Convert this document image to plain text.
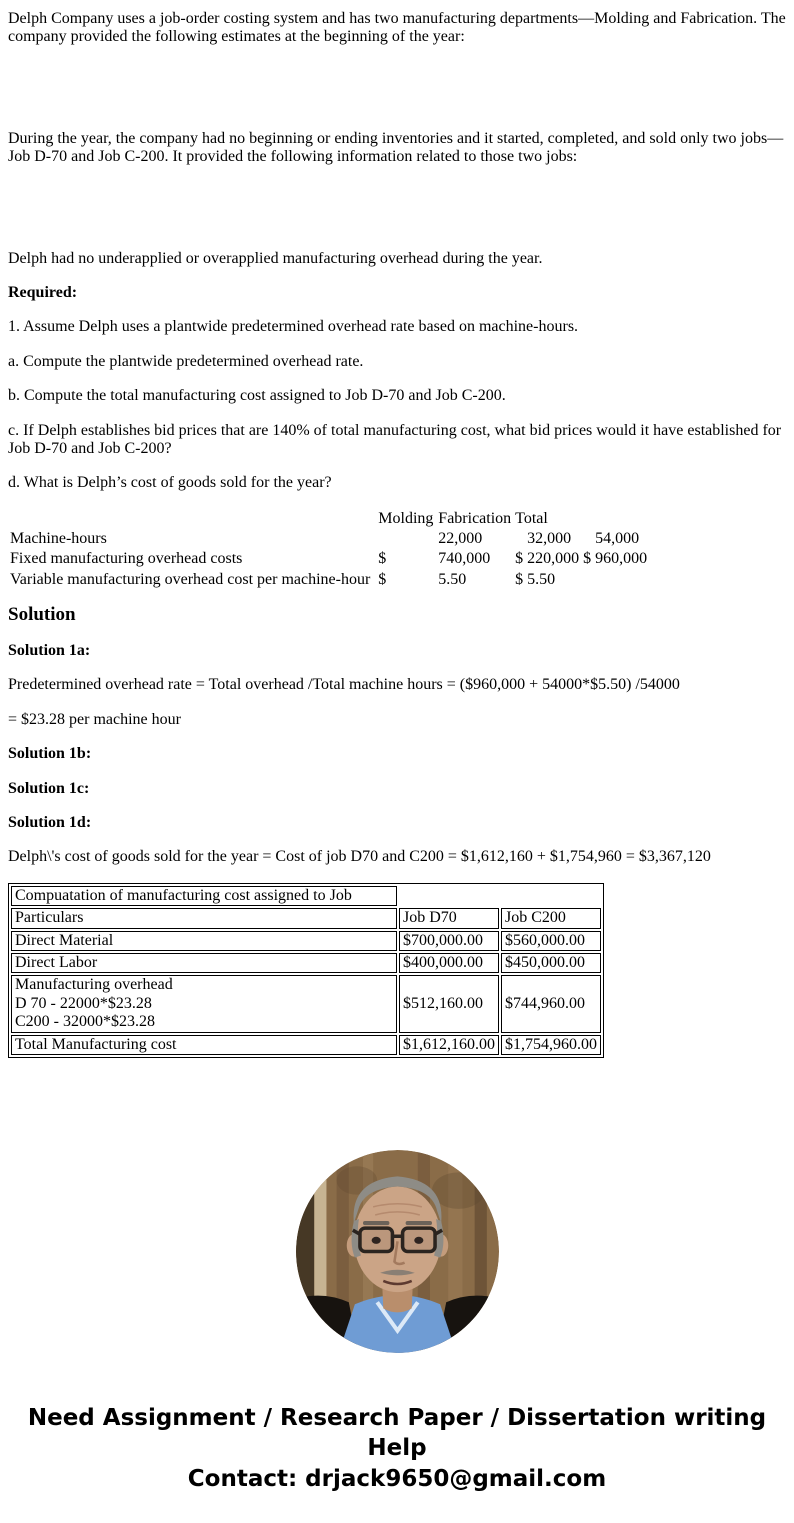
Delph Company uses a job-order costing system and has two manufacturing departments—Molding and Fabrication. The company provided the following estimates at the beginning of the year:

During the year, the company had no beginning or ending inventories and it started, completed, and sold only two jobs—Job D-70 and Job C-200. It provided the following information related to those two jobs:

Delph had no underapplied or overapplied manufacturing overhead during the year.

Required:

1. Assume Delph uses a plantwide predetermined overhead rate based on machine-hours.

a. Compute the plantwide predetermined overhead rate.

b. Compute the total manufacturing cost assigned to Job D-70 and Job C-200.

c. If Delph establishes bid prices that are 140% of total manufacturing cost, what bid prices would it have established for Job D-70 and Job C-200?

d. What is Delph’s cost of goods sold for the year?

	Molding	Fabrication	Total			
Machine-hours		22,000		32,000		54,000
Fixed manufacturing overhead costs	$	740,000	$	220,000	$	960,000
Variable manufacturing overhead cost per machine-hour	$	5.50	$	5.50		
Solution

Solution 1a:

Predetermined overhead rate = Total overhead /Total machine hours = ($960,000 + 54000*$5.50) /54000

= $23.28 per machine hour

Solution 1b:

Solution 1c:

Solution 1d:

Delph\'s cost of goods sold for the year = Cost of job D70 and C200 = $1,612,160 + $1,754,960 = $3,367,120

Compuatation of manufacturing cost assigned to Job		
Particulars	Job D70	Job C200
Direct Material	$700,000.00	$560,000.00
Direct Labor	$400,000.00	$450,000.00

Manufacturing overhead
D 70 - 22000*$23.28
C200 - 32000*$23.28	$512,160.00	$744,960.00
Total Manufacturing cost	$1,612,160.00	$1,754,960.00
Need Assignment / Research Paper / Dissertation writing Help
Contact: drjack9650@gmail.com
